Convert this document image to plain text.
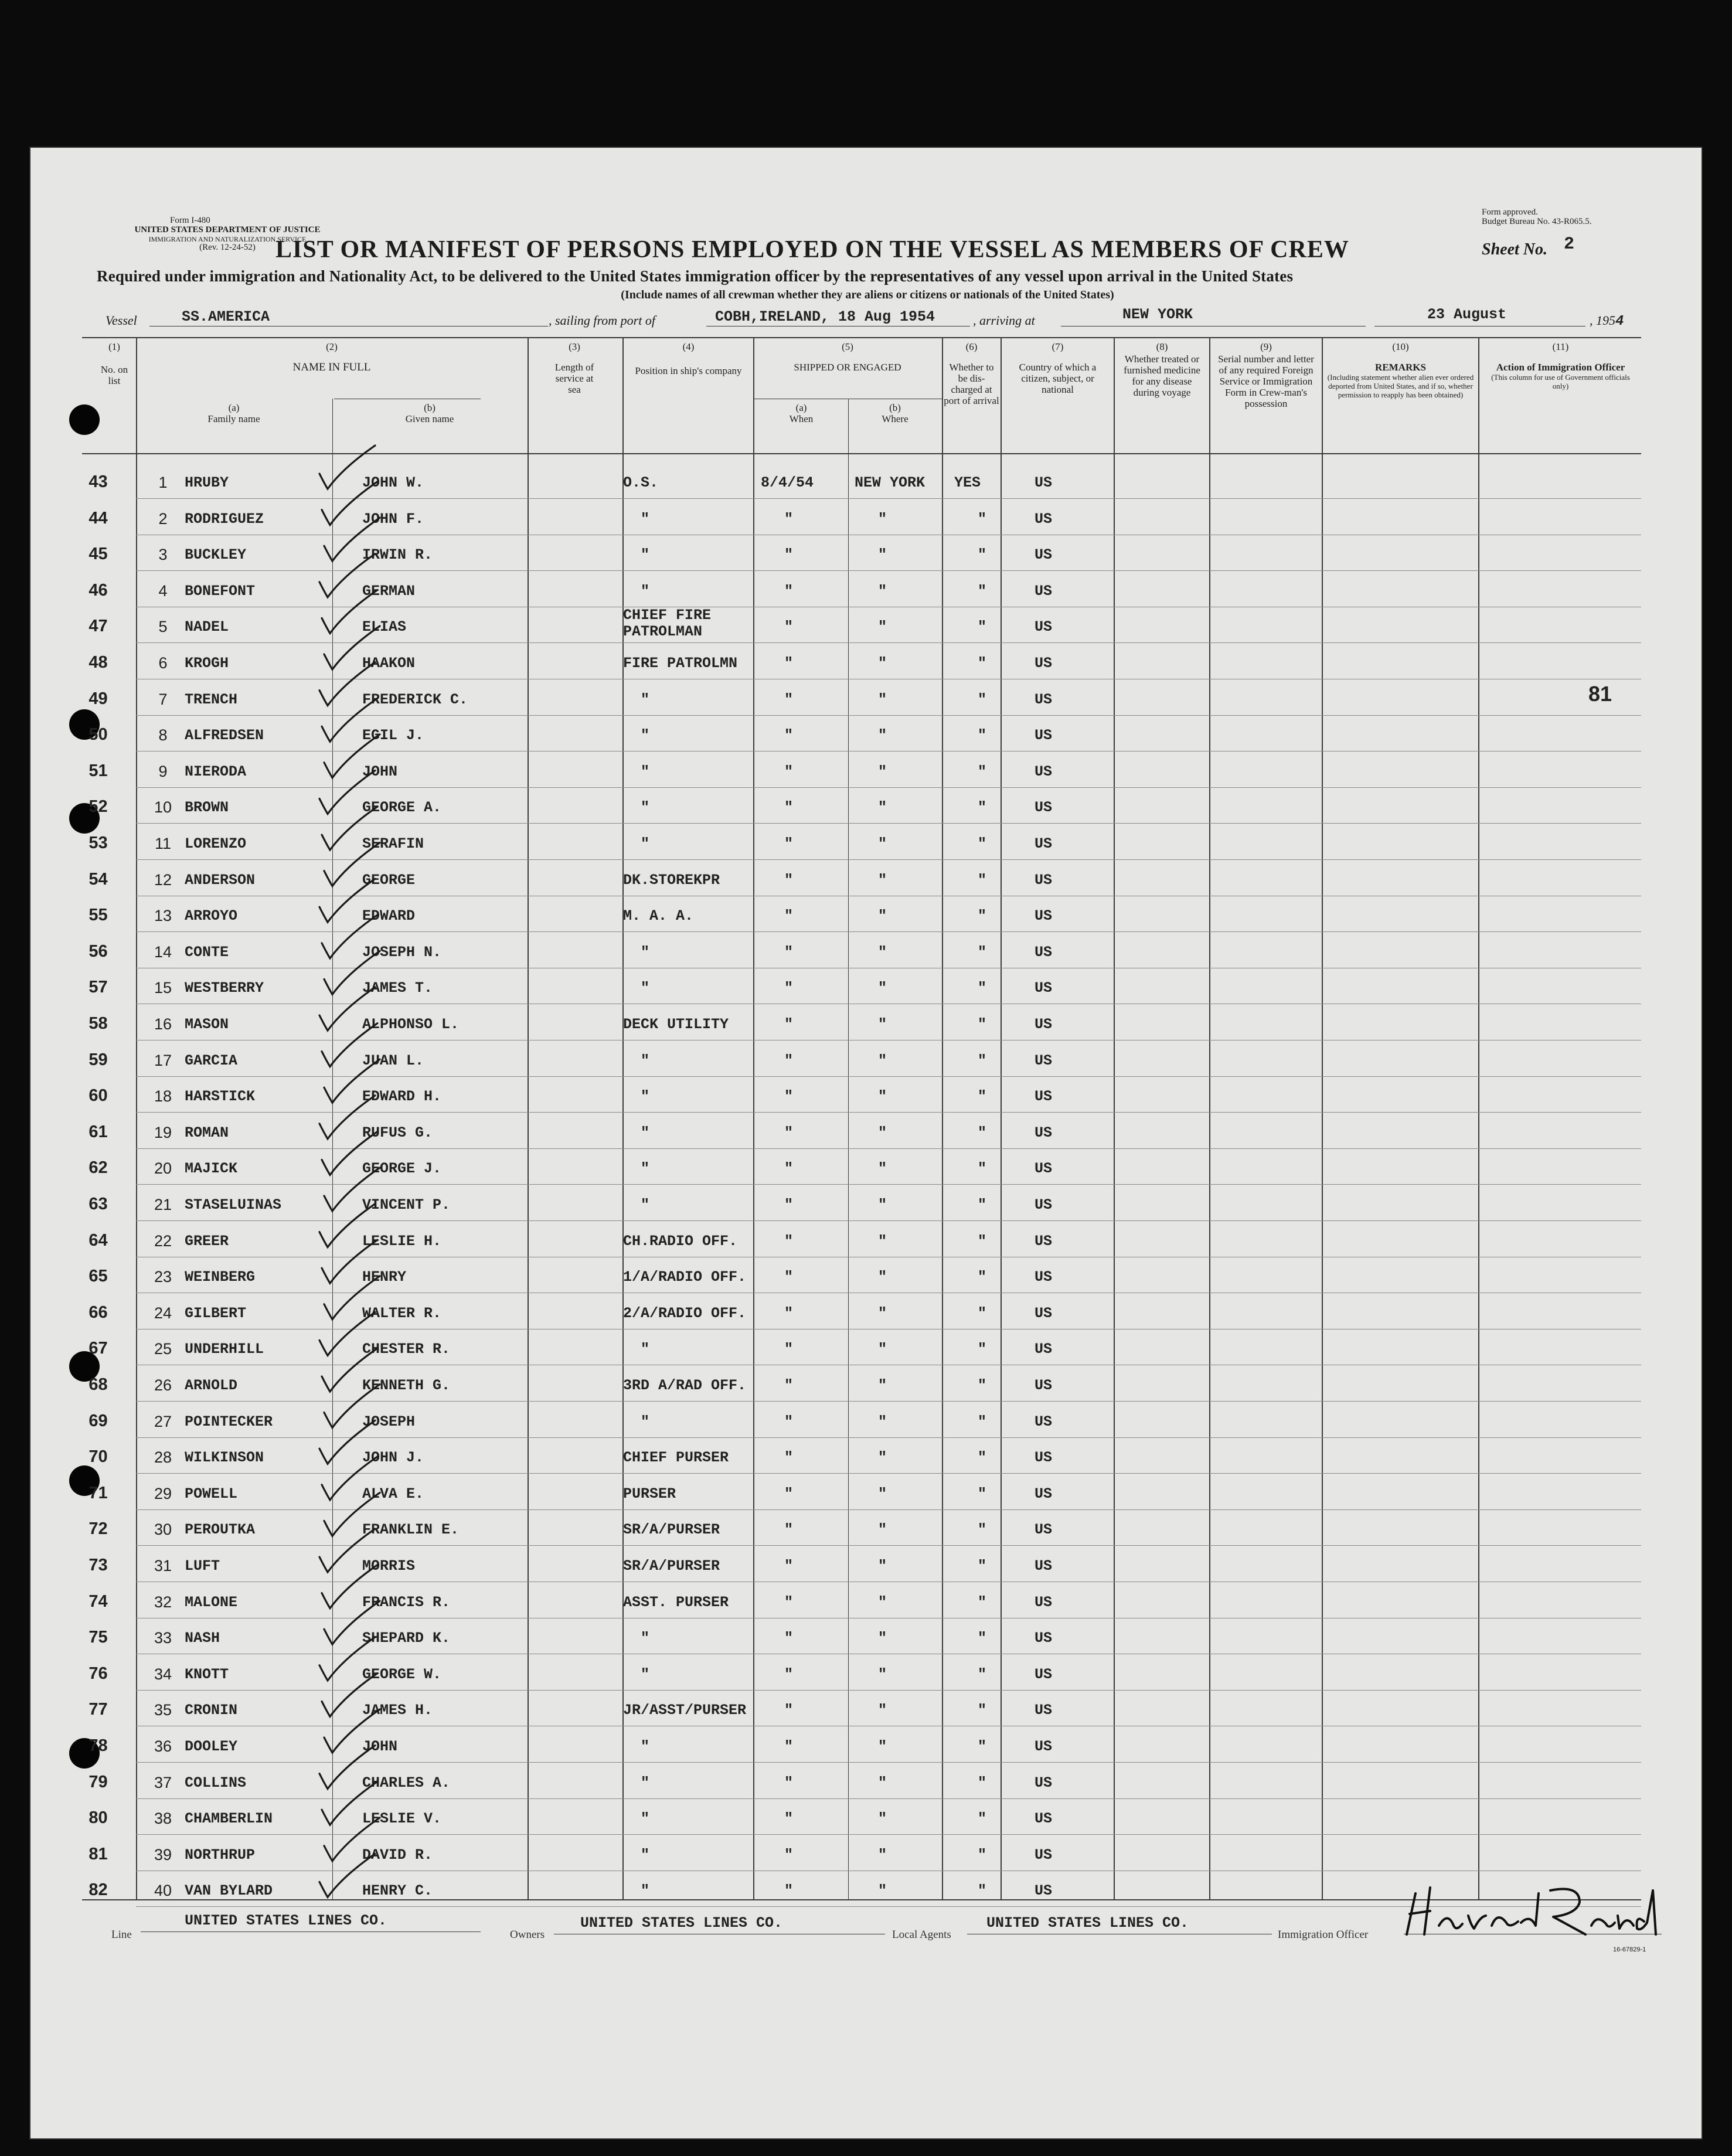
Form I-480
UNITED STATES DEPARTMENT OF JUSTICE
IMMIGRATION AND NATURALIZATION SERVICE
(Rev. 12-24-52)
Form approved.
Budget Bureau No. 43-R065.5.
LIST OR MANIFEST OF PERSONS EMPLOYED ON THE VESSEL AS MEMBERS OF CREW	Sheet No. 2
Required under immigration and Nationality Act, to be delivered to the United States immigration officer by the representatives of any vessel upon arrival in the United States
(Include names of all crewman whether they are aliens or citizens or nationals of the United States)
Vessel	SS.AMERICA	, sailing from port of	COBH,IRELAND, 18 Aug 1954	, arriving at	NEW YORK	23 August	, 1954
(1)
No. on list
(2)
NAME IN FULL
(a)
Family name
(b)
Given name
(3)
Length of service at sea
(4)
Position in ship's company
(5)
SHIPPED OR ENGAGED
(a)
When
(b)
Where
(6)
Whether to be dis-charged at port of arrival
(7)
Country of which a citizen, subject, or national
(8)
Whether treated or furnished medicine for any disease during voyage
(9)
Serial number and letter of any required Foreign Service or Immigration Form in Crew-man's possession
(10)
REMARKS
(Including statement whether alien ever ordered deported from United States, and if so, whether permission to reapply has been obtained)
(11)
Action of Immigration Officer
(This column for use of Government officials only)
43	1	HRUBY	JOHN W.	O.S.	8/4/54	NEW YORK YES	US
44	2	RODRIGUEZ	JOHN F.	"	"	"	"	US
45	3	BUCKLEY	IRWIN R.	"	"	"	"	US
46	4	BONEFONT	GERMAN	"	"	"	"	US
47	5	NADEL	ELIAS
CHIEF FIRE
PATROLMAN	"	"	"	US
48	6	KROGH	HAAKON	FIRE PATROLMN	"	"	"	US
49	7	TRENCH	FREDERICK C.	"	"	"	"	US	81
50	8	ALFREDSEN	EGIL J.	"	"	"	"	US
51	9	NIERODA	JOHN	"	"	"	"	US
52	10 BROWN	GEORGE A.	"	"	"	"	US
53	11 LORENZO	SERAFIN	"	"	"	"	US
54	12 ANDERSON	GEORGE	DK.STOREKPR	"	"	"	US
55	13 ARROYO	EDWARD	M. A. A.	"	"	"	US
56	14 CONTE	JOSEPH N.	"	"	"	"	US
57	15 WESTBERRY	JAMES T.	"	"	"	"	US
58	16 MASON	ALPHONSO L.	DECK UTILITY	"	"	"	US
59	17 GARCIA	JUAN L.	"	"	"	"	US
60	18 HARSTICK	EDWARD H.	"	"	"	"	US
61	19 ROMAN	RUFUS G.	"	"	"	"	US
62	20 MAJICK	GEORGE J.	"	"	"	"	US
63	21 STASELUINAS	VINCENT P.	"	"	"	"	US
64	22 GREER	LESLIE H.	CH.RADIO OFF.	"	"	"	US
65	23 WEINBERG	HENRY	1/A/RADIO OFF.	"	"	"	US
66	24 GILBERT	WALTER R.	2/A/RADIO OFF.	"	"	"	US
67	25 UNDERHILL	CHESTER R.	"	"	"	"	US
68	26 ARNOLD	KENNETH G.	3RD A/RAD OFF.	"	"	"	US
69	27 POINTECKER	JOSEPH	"	"	"	"	US
70	28 WILKINSON	JOHN J.	CHIEF PURSER	"	"	"	US
71	29 POWELL	ALVA E.	PURSER	"	"	"	US
72	30 PEROUTKA	FRANKLIN E.	SR/A/PURSER	"	"	"	US
73	31 LUFT	MORRIS	SR/A/PURSER	"	"	"	US
74	32 MALONE	FRANCIS R.	ASST. PURSER	"	"	"	US
75	33 NASH	SHEPARD K.	"	"	"	"	US
76	34 KNOTT	GEORGE W.	"	"	"	"	US
77	35 CRONIN	JAMES H.	JR/ASST/PURSER	"	"	"	US
78	36 DOOLEY	JOHN	"	"	"	"	US
79	37 COLLINS	CHARLES A.	"	"	"	"	US
80	38 CHAMBERLIN	LESLIE V.	"	"	"	"	US
81	39 NORTHRUP	DAVID R.	"	"	"	"	US
82	40 VAN BYLARD	HENRY C.	"	"	"	"	US
Line
UNITED STATES LINES CO.
Owners
UNITED STATES LINES CO.
Local Agents
UNITED STATES LINES CO.
Immigration Officer
16-67829-1
